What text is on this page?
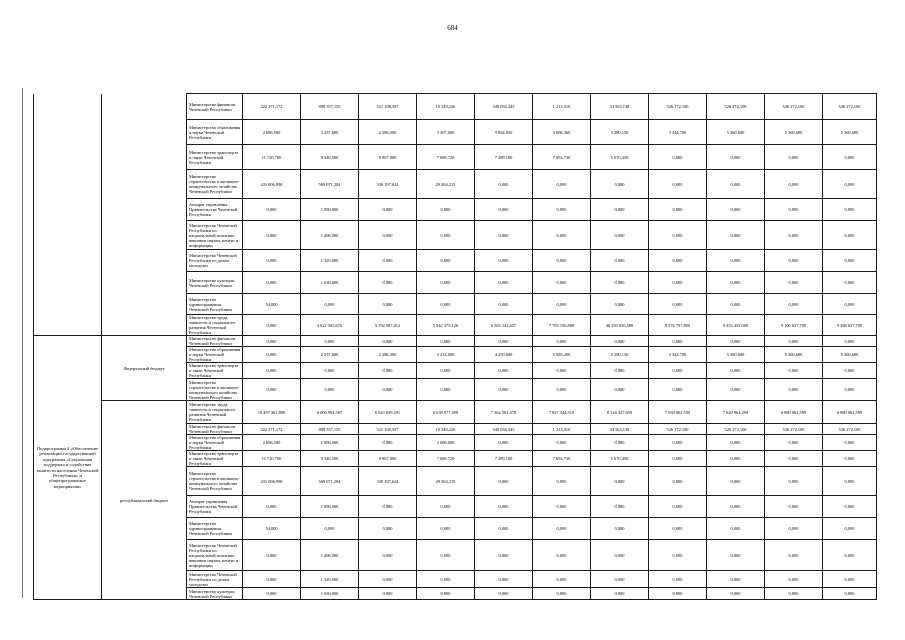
684
		Министерство финансов Чеченской Республики	322 271,172	889 557,155	521 108,587	10 549,226	349 036,345	1 213,310	34 563,138	526 172,100	526 272,100	526 272,100	526 272,100
		Министерство образования и науки Чеченской Республики	2 686,500	3 257,600	2 286,300	5 307,000	9 064,850	3 006,360	5 280,130	5 344,700	5 360,600	5 360,600	5 360,600
		Министерство транспорта и связи Чеченской Республики	11 720,700	9 346,500	9 867,000	7 689,720	7 289,100	7 692,730	5 670,450	0,000	0,000	0,000	0,000
		Министерство строительства и жилищно-коммунального хозяйства Чеченской Республики	431 006,998	569 071,284	330 197,624	29 304,215	0,000	0,000	0,000	0,000	0,000	0,000	0,000
		Аппарат управления Правительства Чеченской Республики	0,000	1 890,000	0,000	0,000	0,000	0,000	0,000	0,000	0,000	0,000	0,000
		Министерство Чеченской Республики по национальной политике, внешним связям, печати и информации	0,000	1 406,000	0,000	0,000	0,000	0,000	0,000	0,000	0,000	0,000	0,000
		Министерство Чеченской Республики по делам молодежи	0,000	1 320,000	0,000	0,000	0,000	0,000	0,000	0,000	0,000	0,000	0,000
		Министерство культуры Чеченской Республики	0,000	1 630,000	0,000	0,000	0,000	0,000	0,000	0,000	0,000	0,000	0,000
		Министерство здравоохранения Чеченской Республики	54,000	0,000	0,000	0,000	0,000	0,000	0,000	0,000	0,000	0,000	0,000
		Министерство труда, занятости и социального развития Чеченской Республики	0,000	4 622 505,676	5 192 587,412	5 942 375,126	6 565 142,657	7 783 156,808	46 293 036,580	9 576 797,800	9 453 452,000	9 106 637,700	9 386 637,700
Подпрограмма 4 «Обеспечение реализации государственной программы «Социальная поддержка и содействие занятости населения Чеченской Республики» и общепрограммные мероприятия»	Федеральный бюджет	Министерство финансов Чеченской Республики	0,000	0,000	0,000	0,000	0,000	0,000	0,000	0,000	0,000	0,000	0,000
		Министерство образования и науки Чеченской Республики	0,000	2 557,600	2 286,300	5 214,000	4 259,600	5 085,200	5 280,130	5 344,700	5 360,600	5 360,600	5 360,600
		Министерство транспорта и связи Чеченской Республики	0,000	0,000	0,000	0,000	0,000	0,000	0,000	0,000	0,000	0,000	0,000
		Министерство строительства и жилищно-коммунального хозяйства Чеченской Республики	0,000	0,000	0,000	0,000	0,000	0,000	0,000	0,000	0,000	0,000	0,000
	республиканский бюджет	Министерство труда, занятости и социального развития Чеченской Республики	10 497 361,800	6 006 994,507	6 643 659,291	6 638 977,498	7 362 581,478	7 827 344,510	8 124 327,659	7 030 062,590	7 620 962,299	6 980 062,599	6 980 062,599
		Министерство финансов Чеченской Республики	322 271,172	889 557,155	521 108,587	10 549,226	349 036,345	1 213,310	34 563,138	526 172,100	526 272,100	526 272,100	526 272,100
		Министерство образования и науки Чеченской Республики	2 686,500	1 000,000	0,000	2 006,000	0,000	0,000	0,000	0,000	0,000	0,000	0,000
		Министерство транспорта и связи Чеченской Республики	11 720,700	9 346,500	9 867,000	7 689,720	7 289,100	7 692,730	5 670,450	0,000	0,000	0,000	0,000
		Министерство строительства и жилищно-коммунального хозяйства Чеченской Республики	431 006,998	569 071,284	330 197,624	29 304,215	0,000	0,000	0,000	0,000	0,000	0,000	0,000
		Аппарат управления Правительства Чеченской Республики	0,000	1 890,000	0,000	0,000	0,000	0,000	0,000	0,000	0,000	0,000	0,000
		Министерство здравоохранения Чеченской Республики	54,000	0,000	0,000	0,000	0,000	0,000	0,000	0,000	0,000	0,000	0,000
		Министерство Чеченской Республики по национальной политике, внешним связям, печати и информации	0,000	1 406,000	0,000	0,000	0,000	0,000	0,000	0,000	0,000	0,000	0,000
		Министерство Чеченской Республики по делам молодежи	0,000	1 320,000	0,000	0,000	0,000	0,000	0,000	0,000	0,000	0,000	0,000
		Министерство культуры Чеченской Республики	0,000	1 630,000	0,000	0,000	0,000	0,000	0,000	0,000	0,000	0,000	0,000
